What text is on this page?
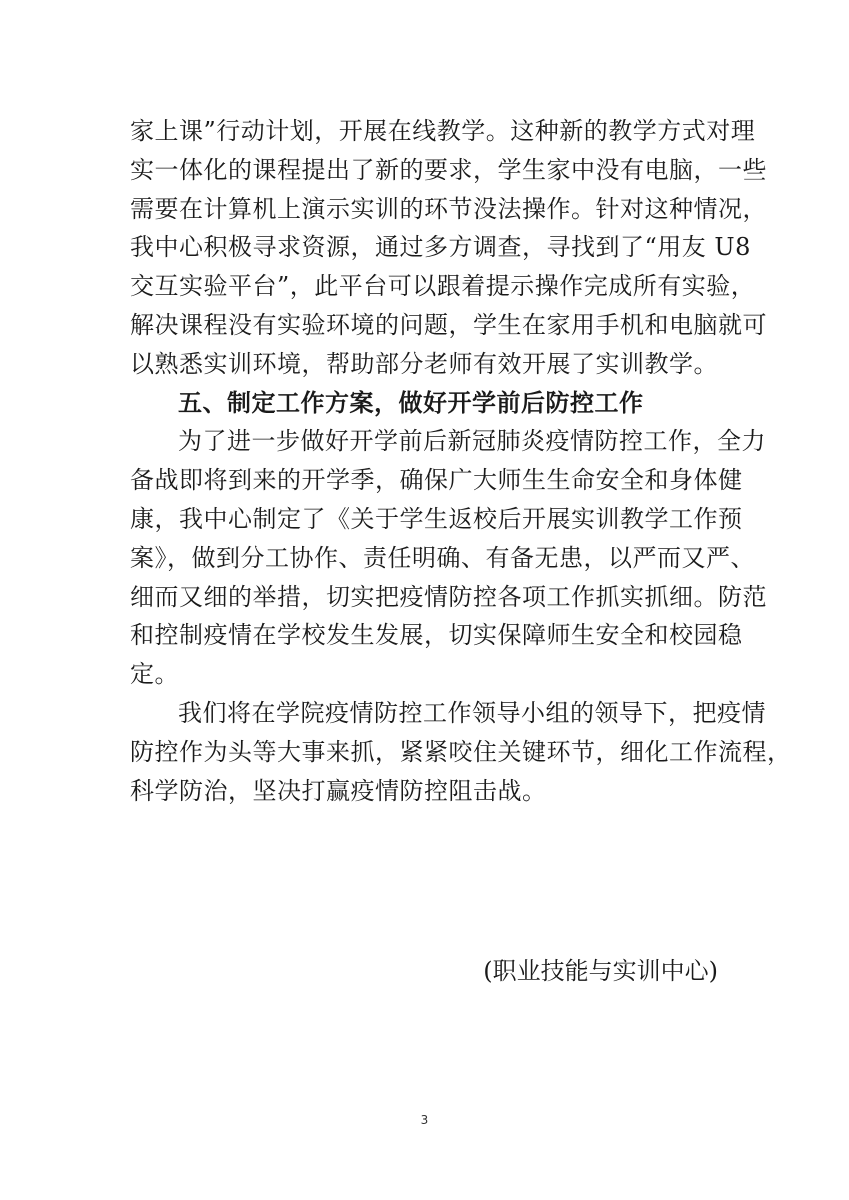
家上课”行动计划，开展在线教学。这种新的教学方式对理
实一体化的课程提出了新的要求，学生家中没有电脑，一些
需要在计算机上演示实训的环节没法操作。针对这种情况，
我中心积极寻求资源，通过多方调查，寻找到了“用友 U8
交互实验平台”，此平台可以跟着提示操作完成所有实验，
解决课程没有实验环境的问题，学生在家用手机和电脑就可
以熟悉实训环境，帮助部分老师有效开展了实训教学。
五、制定工作方案，做好开学前后防控工作
为了进一步做好开学前后新冠肺炎疫情防控工作，全力
备战即将到来的开学季，确保广大师生生命安全和身体健
康，我中心制定了《关于学生返校后开展实训教学工作预
案》，做到分工协作、责任明确、有备无患，以严而又严、
细而又细的举措，切实把疫情防控各项工作抓实抓细。防范
和控制疫情在学校发生发展，切实保障师生安全和校园稳
定。
我们将在学院疫情防控工作领导小组的领导下，把疫情
防控作为头等大事来抓，紧紧咬住关键环节，细化工作流程，
科学防治，坚决打赢疫情防控阻击战。
(职业技能与实训中心)
3
